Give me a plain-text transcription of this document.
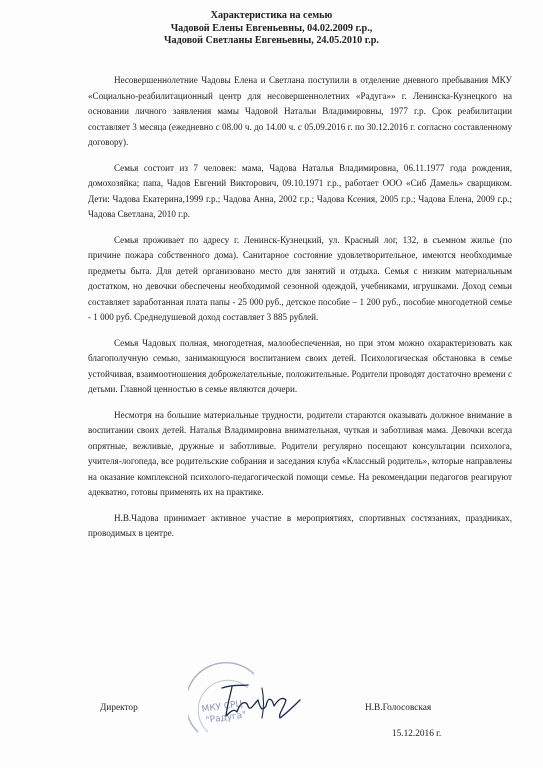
Характеристика на семью
Чадовой Елены Евгеньевны, 04.02.2009 г.р.,
Чадовой Светланы Евгеньевны, 24.05.2010 г.р.

Несовершеннолетние Чадовы Елена и Светлана поступили в отделение дневного пребывания МКУ «Социально-реабилитационный центр для несовершеннолетних «Радуга»» г. Ленинска-Кузнецкого на основании личного заявления мамы Чадовой Натальи Владимировны, 1977 г.р. Срок реабилитации составляет 3 месяца (ежедневно с 08.00 ч. до 14.00 ч. с 05.09.2016 г. по 30.12.2016 г. согласно составленному договору).

Семья состоит из 7 человек: мама, Чадова Наталья Владимировна, 06.11.1977 года рождения, домохозяйка; папа, Чадов Евгений Викторович, 09.10.1971 г.р., работает ООО «Сиб Дамель» сварщиком. Дети: Чадова Екатерина,1999 г.р.; Чадова Анна, 2002 г.р.; Чадова Ксения, 2005 г.р.; Чадова Елена, 2009 г.р.; Чадова Светлана, 2010 г.р.

Семья проживает по адресу г. Ленинск-Кузнецкий, ул. Красный лог, 132, в съемном жилье (по причине пожара собственного дома). Санитарное состояние удовлетворительное, имеются необходимые предметы быта. Для детей организовано место для занятий и отдыха. Семья с низким материальным достатком, но девочки обеспечены необходимой сезонной одеждой, учебниками, игрушками. Доход семьи составляет заработанная плата папы - 25 000 руб., детское пособие – 1 200 руб., пособие многодетной семье - 1 000 руб. Среднедушевой доход составляет 3 885 рублей.

Семья Чадовых полная, многодетная, малообеспеченная, но при этом можно охарактеризовать как благополучную семью, занимающуюся воспитанием своих детей. Психологическая обстановка в семье устойчивая, взаимоотношения доброжелательные, положительные. Родители проводят достаточно времени с детьми. Главной ценностью в семье являются дочери.

Несмотря на большие материальные трудности, родители стараются оказывать должное внимание в воспитании своих детей. Наталья Владимировна внимательная, чуткая и заботливая мама. Девочки всегда опрятные, вежливые, дружные и заботливые. Родители регулярно посещают консультации психолога, учителя-логопеда, все родительские собрания и заседания клуба «Классный родитель», которые направлены на оказание комплексной психолого-педагогической помощи семье. На рекомендации педагогов реагируют адекватно, готовы применять их на практике.

Н.В.Чадова принимает активное участие в мероприятиях, спортивных состязаниях, праздниках, проводимых в центре.

МКУ СРЦ
"Радуга"
Директор	Н.В.Голосовская
15.12.2016 г.
